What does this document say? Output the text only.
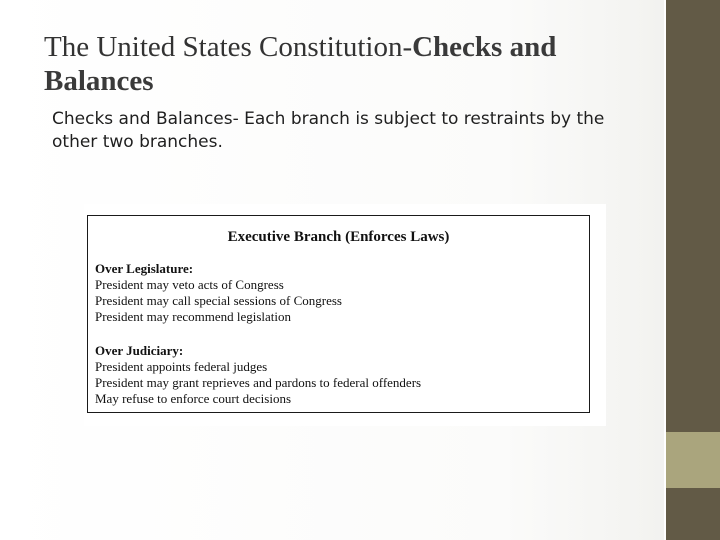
The United States Constitution-Checks and Balances

Checks and Balances- Each branch is subject to restraints by the other two branches.

Executive Branch (Enforces Laws)
Over Legislature:
President may veto acts of Congress
President may call special sessions of Congress
President may recommend legislation
Over Judiciary:
President appoints federal judges
President may grant reprieves and pardons to federal offenders
May refuse to enforce court decisions
